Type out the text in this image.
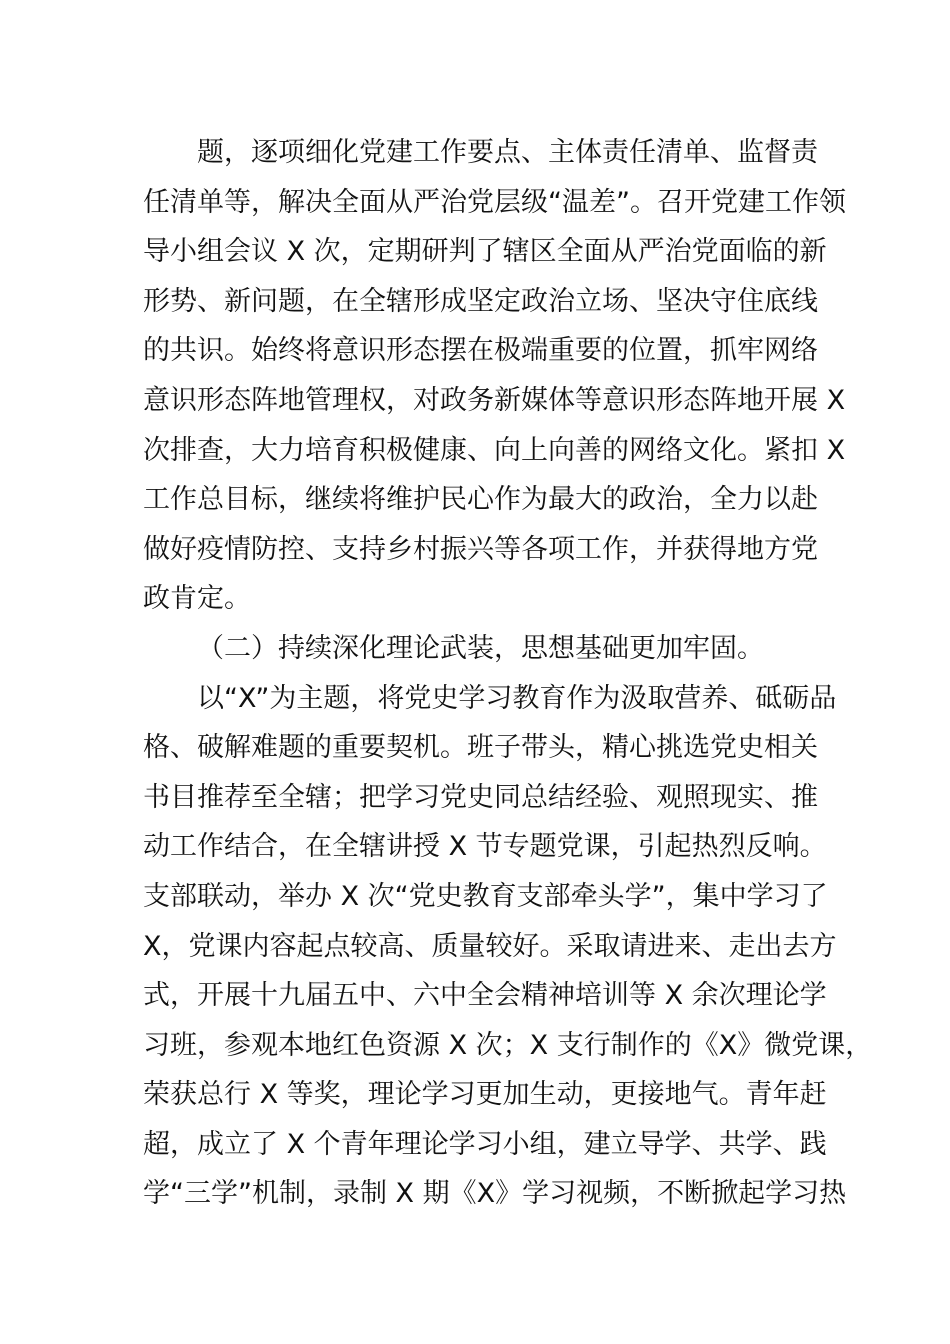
题，逐项细化党建工作要点、主体责任清单、监督责
任清单等，解决全面从严治党层级“温差”。召开党建工作领
导小组会议 X 次，定期研判了辖区全面从严治党面临的新
形势、新问题，在全辖形成坚定政治立场、坚决守住底线
的共识。始终将意识形态摆在极端重要的位置，抓牢网络
意识形态阵地管理权，对政务新媒体等意识形态阵地开展 X
次排查，大力培育积极健康、向上向善的网络文化。紧扣 X
工作总目标，继续将维护民心作为最大的政治，全力以赴
做好疫情防控、支持乡村振兴等各项工作，并获得地方党
政肯定。
（二）持续深化理论武装，思想基础更加牢固。
以“X”为主题，将党史学习教育作为汲取营养、砥砺品
格、破解难题的重要契机。班子带头，精心挑选党史相关
书目推荐至全辖；把学习党史同总结经验、观照现实、推
动工作结合，在全辖讲授 X 节专题党课，引起热烈反响。
支部联动，举办 X 次“党史教育支部牵头学”，集中学习了
X，党课内容起点较高、质量较好。采取请进来、走出去方
式，开展十九届五中、六中全会精神培训等 X 余次理论学
习班，参观本地红色资源 X 次；X 支行制作的《X》微党课，
荣获总行 X 等奖，理论学习更加生动，更接地气。青年赶
超，成立了 X 个青年理论学习小组，建立导学、共学、践
学“三学”机制，录制 X 期《X》学习视频，不断掀起学习热
